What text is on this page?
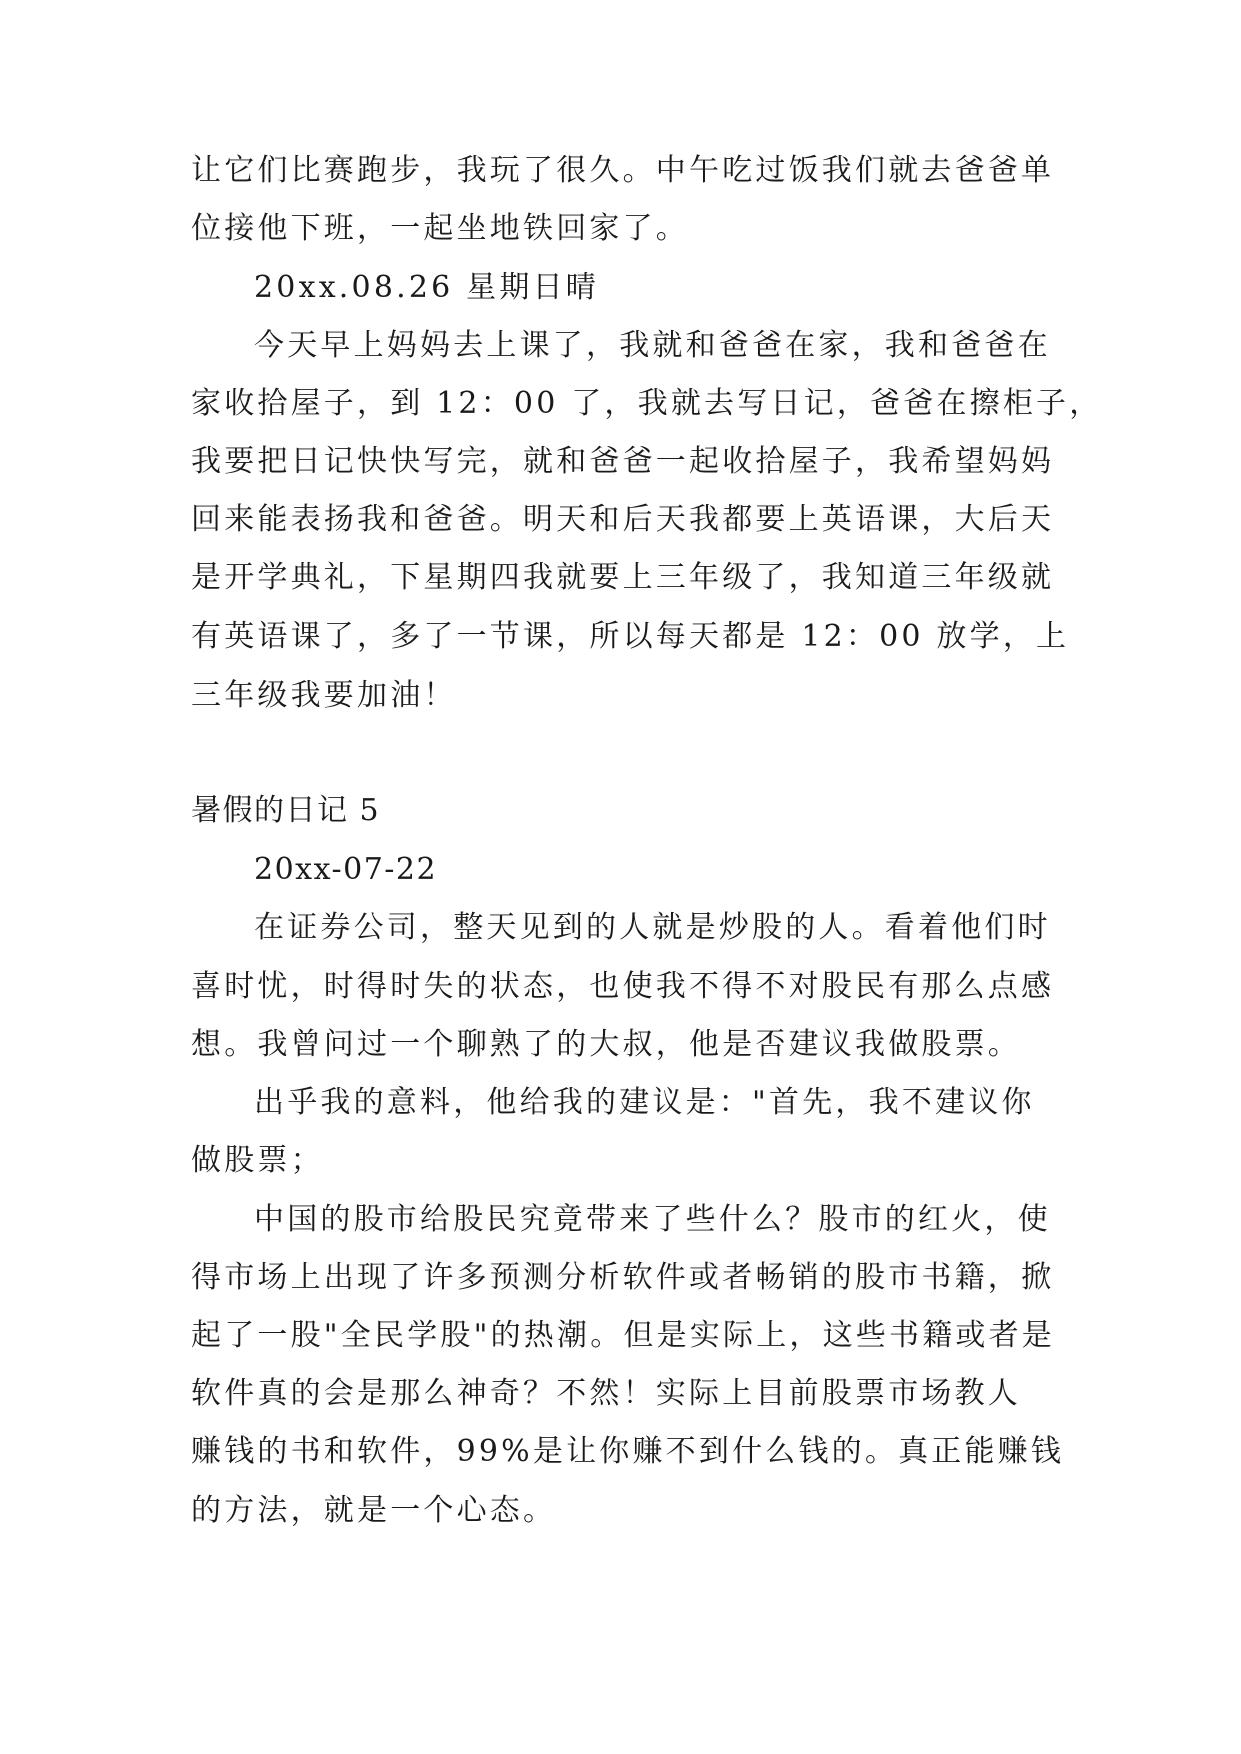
让它们比赛跑步，我玩了很久。中午吃过饭我们就去爸爸单
位接他下班，一起坐地铁回家了。
20xx.08.26 星期日晴
今天早上妈妈去上课了，我就和爸爸在家，我和爸爸在
家收拾屋子，到 12：00 了，我就去写日记，爸爸在擦柜子，
我要把日记快快写完，就和爸爸一起收拾屋子，我希望妈妈
回来能表扬我和爸爸。明天和后天我都要上英语课，大后天
是开学典礼，下星期四我就要上三年级了，我知道三年级就
有英语课了，多了一节课，所以每天都是 12：00 放学，上
三年级我要加油！
暑假的日记 5
20xx-07-22
在证券公司，整天见到的人就是炒股的人。看着他们时
喜时忧，时得时失的状态，也使我不得不对股民有那么点感
想。我曾问过一个聊熟了的大叔，他是否建议我做股票。
出乎我的意料，他给我的建议是："首先，我不建议你
做股票；
中国的股市给股民究竟带来了些什么？股市的红火，使
得市场上出现了许多预测分析软件或者畅销的股市书籍，掀
起了一股"全民学股"的热潮。但是实际上，这些书籍或者是
软件真的会是那么神奇？不然！实际上目前股票市场教人
赚钱的书和软件，99%是让你赚不到什么钱的。真正能赚钱
的方法，就是一个心态。
